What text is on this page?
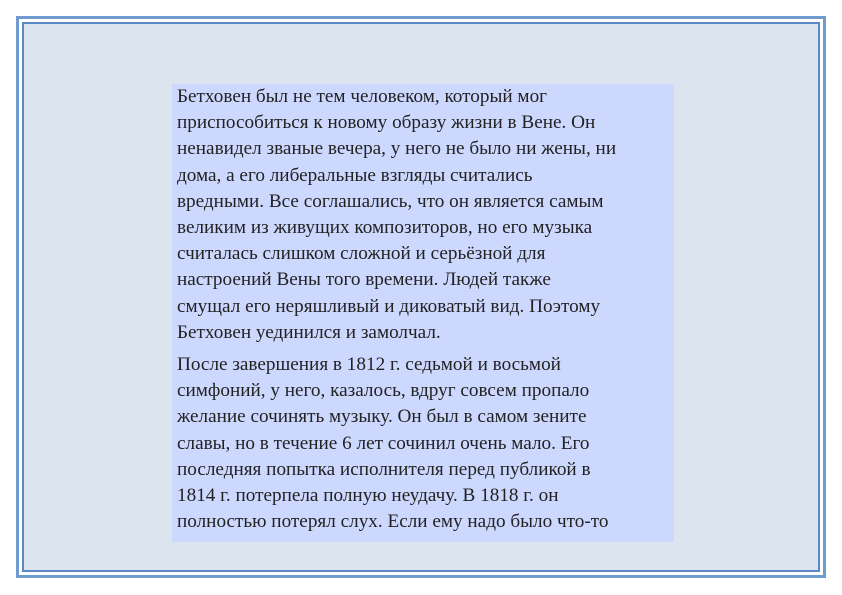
Бетховен был не тем человеком, который мог
приспособиться к новому образу жизни в Вене. Он
ненавидел званые вечера, у него не было ни жены, ни
дома, а его либеральные взгляды считались
вредными. Все соглашались, что он является самым
великим из живущих композиторов, но его музыка
считалась слишком сложной и серьёзной для
настроений Вены того времени. Людей также
смущал его неряшливый и диковатый вид. Поэтому
Бетховен уединился и замолчал.

После завершения в 1812 г. седьмой и восьмой
симфоний, у него, казалось, вдруг совсем пропало
желание сочинять музыку. Он был в самом зените
славы, но в течение 6 лет сочинил очень мало. Его
последняя попытка исполнителя перед публикой в
1814 г. потерпела полную неудачу. В 1818 г. он
полностью потерял слух. Если ему надо было что-то
